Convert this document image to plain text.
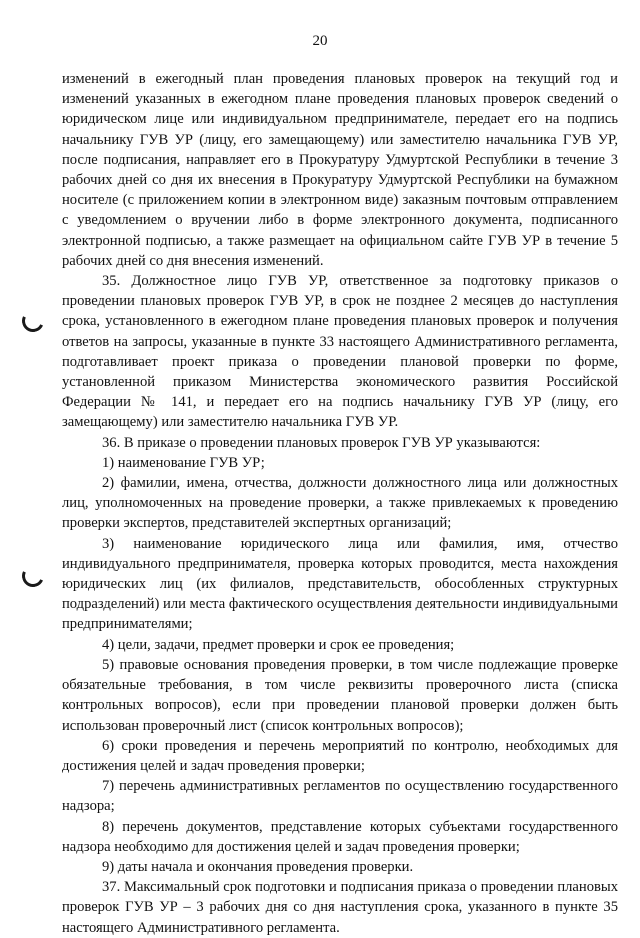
20

изменений в ежегодный план проведения плановых проверок на текущий год и изменений указанных в ежегодном плане проведения плановых проверок сведений о юридическом лице или индивидуальном предпринимателе, передает его на подпись начальнику ГУВ УР (лицу, его замещающему) или заместителю начальника ГУВ УР, после подписания, направляет его в Прокуратуру Удмуртской Республики в течение 3 рабочих дней со дня их внесения в Прокуратуру Удмуртской Республики на бумажном носителе (с приложением копии в электронном виде) заказным почтовым отправлением с уведомлением о вручении либо в форме электронного документа, подписанного электронной подписью, а также размещает на официальном сайте ГУВ УР в течение 5 рабочих дней со дня внесения изменений.

35. Должностное лицо ГУВ УР, ответственное за подготовку приказов о проведении плановых проверок ГУВ УР, в срок не позднее 2 месяцев до наступления срока, установленного в ежегодном плане проведения плановых проверок и получения ответов на запросы, указанные в пункте 33 настоящего Административного регламента, подготавливает проект приказа о проведении плановой проверки по форме, установленной приказом Министерства экономического развития Российской Федерации № 141, и передает его на подпись начальнику ГУВ УР (лицу, его замещающему) или заместителю начальника ГУВ УР.

36. В приказе о проведении плановых проверок ГУВ УР указываются:

1) наименование ГУВ УР;

2) фамилии, имена, отчества, должности должностного лица или должностных лиц, уполномоченных на проведение проверки, а также привлекаемых к проведению проверки экспертов, представителей экспертных организаций;

3) наименование юридического лица или фамилия, имя, отчество индивидуального предпринимателя, проверка которых проводится, места нахождения юридических лиц (их филиалов, представительств, обособленных структурных подразделений) или места фактического осуществления деятельности индивидуальными предпринимателями;

4) цели, задачи, предмет проверки и срок ее проведения;

5) правовые основания проведения проверки, в том числе подлежащие проверке обязательные требования, в том числе реквизиты проверочного листа (списка контрольных вопросов), если при проведении плановой проверки должен быть использован проверочный лист (список контрольных вопросов);

6) сроки проведения и перечень мероприятий по контролю, необходимых для достижения целей и задач проведения проверки;

7) перечень административных регламентов по осуществлению государственного надзора;

8) перечень документов, представление которых субъектами государственного надзора необходимо для достижения целей и задач проведения проверки;

9) даты начала и окончания проведения проверки.

37. Максимальный срок подготовки и подписания приказа о проведении плановых проверок ГУВ УР – 3 рабочих дня со дня наступления срока, указанного в пункте 35 настоящего Административного регламента.
